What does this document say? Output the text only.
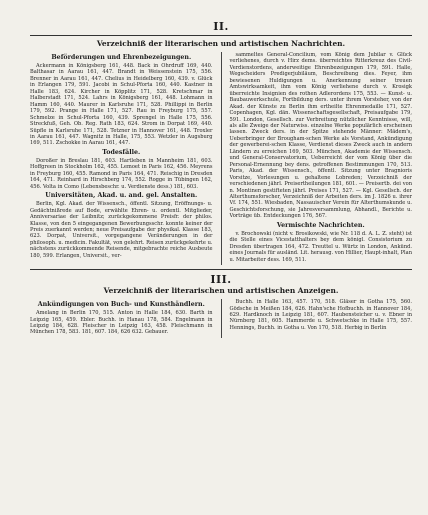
II.
Verzeichniß der literarischen und artistischen Nachrichten.
Beförderungen und Ehrenbezeigungen.

Ackermann in Königsberg 161, 448. Back in Ohrdruff 169, 440. Balthasar in Aarau 161, 447. Brandt in Weissenstein 175, 556. Brenner in Aarau 161, 447. Chelius in Heidelberg 160, 439. v. Glück in Erlangen 179, 591. Jacobi in Schul-Pforta 160, 440. Kastner in Halle 183, 624. Kircher in Köpplitz 171, 528. Kretschmar in Halberstadt 171, 524. Lahrs in Königsberg 161, 448. Lohmann in Hamm 160, 440. Maurer in Karlsruhe 171, 528. Phillippi in Berlin 179, 592. Prange in Halle 171, 527. Rau in Freyburg 175, 557. Schmelze in Schul-Pforta 160, 439. Sprengel in Halle 175, 556. Streckfuß, Geh. Ob. Reg. Rath 183, 624. Strom in Dorpat 169, 440. Süpfle in Karlsruhe 171, 528. Tetzner in Hannover 161, 448. Troxler in Aarau 161, 447. Wagnitz in Halle, 175, 553. Wetzler in Augsburg 169, 511. Zschokke in Aarau 161, 447.

Todesfälle.

Doroßer in Breslau 181, 603. Hartleben in Mannheim 181, 603. Hoffgreen in Stockholm 162, 455. Lemoet in Paris 162, 456. Meyrens in Freyburg 160, 455. Ramond in Paris 164, 471. Reischig in Dresden 164, 471. Reinhard in Hirschberg 174, 552. Rogge in Tübingen 162, 456. Volta in Como (Lebensbeschr. u. Verdienste dess.) 181, 603.

Universitäten, Akad. u. and. gel. Anstalten.

Berlin, Kgl. Akad. der Wissensch., öffentl. Sitzung, Eröffnungs- u. Gedächtnißrede auf Bode, erwählte Ehren- u. ordentl. Mitglieder, Anniversariae der Leibnitz; zurückgekommene Preisfr. der philos. Klasse, von den 5 eingegangenen Bewerbungsschr. konnte keiner der Preis zuerkannt werden; neue Preisaufgabe der physikal. Klasse 183, 623. Dorpat, Universit., vorgegangene Veränderungen in der philosoph. u. medicin. Fakultät, von gelehrt. Reisen zurückgekehrte u. nächstens zurückkommende Reisende, mitgebrachte reiche Ausbeute 180, 599. Erlangen, Universit., ver-

sammeltes General-Concilium, vom König dem Jubilar v. Glück verliehenes, durch v. Hirz dems. überreichtes Ritterkreuz des Civil-Verdienstordens, anderweitige Ehrenbezeigungen 179, 591. Halle, Wegscheiders Predigerjubiläum, Beschreibung dies. Feyer, ihm bewiesenen Huldigungen u. Anerkennung seiner treuen Amtswirksamkeit, ihm vom König verliehene durch v. Krosigk überreichte Insignien des rothen Adlerordens 175, 553. — Kunst- u. Baubauwerkschule, Fortbildung ders. unter ihrem Vorsteher, von der Akad. der Künste zu Berlin ihm ertheilte Ehrenmedaille 171, 527. Copenhagen, Kgl. dän. Wissenschaftsgesellschaft, Preisaufgabe 179, 591. London, Gesellsch. zur Verbreitung nützlicher Kenntnisse, will, als alle Zweige der Naturwiss. einzelne Werke populärlich erscheinen lassen. Zweck ders. in der Spitze stehende Männer: Mädem's, Ueberbringer der Brougham-schen Werke als Vorstand, Ankündigung der gewerberei-schen Klasse, Verdienst dieses Zweck auch in andern Ländern zu erreichen 169, 503. München, Akademie der Wissensch. und General-Conservatorium, Ueberreicht der vom König über die Personal-Ernennung bey dens. getroffenen Bestimmungen 170, 513. Paris, Akad. der Wissensch., öffentl. Sitzung unter Bragnioris Vorsitze, Vorlesungen u. gehaltene Lobreden; Verzeichniß der verschiedenen jährl. Preisertheilungen 181, 601. — Preisertb. dei von n. Montinen gestifteten jährl. Preises 171, 527. — Kgl. Gesellsch. der Alterthumsforscher, Verzeichniß der Arbeiten ders. im J. 1826 u. ihrer Vf. 174, 551. Wiesbaden, Nassauischer Verein für Alterthumskunde u. Geschichtsforschung, sie Jahresversammlung, Abhandl., Berichte u. Vorträge üb. Entdeckungen 176, 567.

Vermischte Nachrichten.

v. Brochowski (nicht v. Brosikowski, wie Nr. 118 d. A. L. Z. steht) ist die Stelle eines Vicestatthalters bey dem königl. Consistorium zu Dresden übertragen 164, 472. Treuttel u. Würtz in London, Ankünd. eines Journals für ausländ. Lit. herausg. von Hillier, Haupt-inhalt, Plan u. Mitarbeiter dess. 169, 511.

III.
Verzeichniß der literarischen und artistischen Anzeigen.
Ankündigungen von Buch- und Kunsthändlern.

Amelang in Berlin 170, 515. Anton in Halle 184, 630. Barth in Leipzig 165, 459. Ebler. Buchh. in Hanau 178, 584. Engelmann in Leipzig 184, 628. Fleischer in Leipzig 163, 458. Fleischmann in München 178, 583. 181, 607. 184, 626 632. Gebauer.

Buchh. in Halle 163, 457. 170, 518. Gläser in Gotha 175, 560. Gödsche in Meißen 184, 626. Hahn'sche Hofbuchh. in Hannover 184, 629. Hardknoch in Leipzig 181, 607. Haubensteicher u. v. Ebner in Nürnberg 181, 605. Hammerde u. Schwetschke in Halle 175, 557. Hennings, Buchh. in Gotha u. Von 170, 518. Herbig in Berlin
